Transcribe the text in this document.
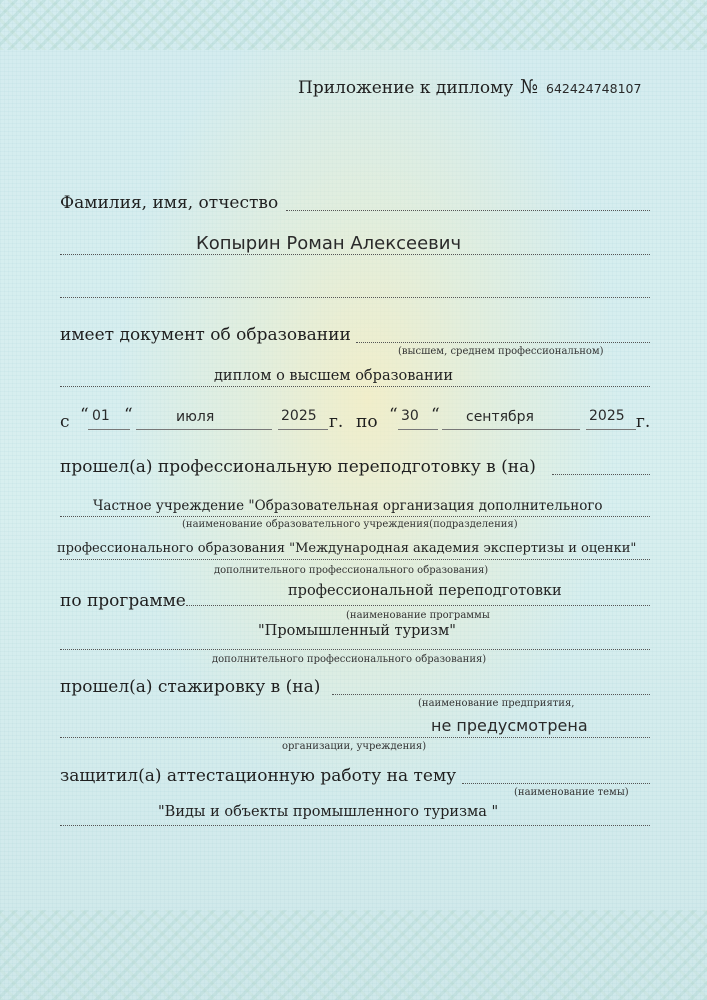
Приложение к диплому № 642424748107
Фамилия, имя, отчество
Копырин Роман Алексеевич
имеет документ об образовании
(высшем, среднем профессиональном)
диплом о высшем образовании
с “ 01 “	июля	2025 г. по “ 30 “ сентября	2025 г.
прошел(а) профессиональную переподготовку в (на)
Частное учреждение "Образовательная организация дополнительного
(наименование образовательного учреждения(подразделения)
профессионального образования "Международная академия экспертизы и оценки"
дополнительного профессионального образования)
по программе	профессиональной переподготовки
(наименование программы
"Промышленный туризм"
дополнительного профессионального образования)
прошел(а) стажировку в (на)
(наименование предприятия,
не предусмотрена
организации, учреждения)
защитил(а) аттестационную работу на тему
(наименование темы)
"Виды и объекты промышленного туризма "
